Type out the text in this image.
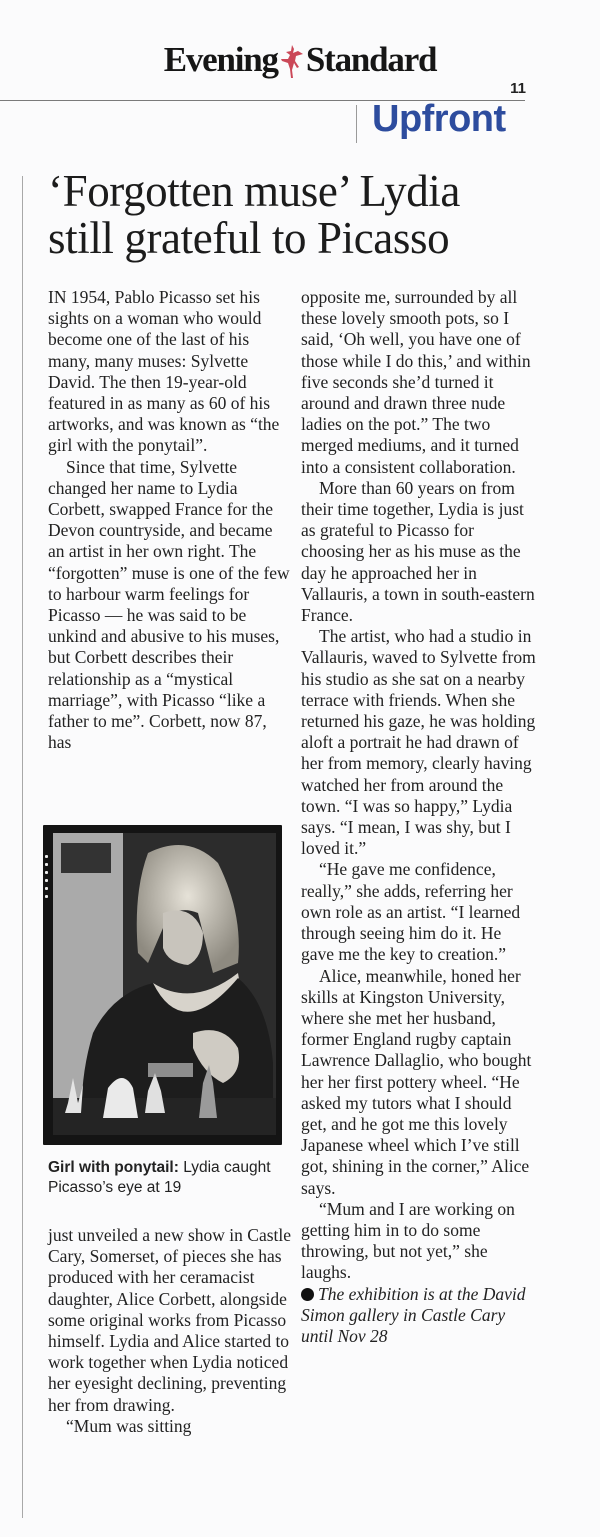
Evening Standard
11
Upfront
‘Forgotten muse’ Lydia
still grateful to Picasso

IN 1954, Pablo Picasso set his sights on a woman who would become one of the last of his many, many muses: Sylvette David. The then 19-year-old featured in as many as 60 of his artworks, and was known as “the girl with the ponytail”.

Since that time, Sylvette changed her name to Lydia Corbett, swapped France for the Devon countryside, and became an artist in her own right. The “forgotten” muse is one of the few to harbour warm feelings for Picasso — he was said to be unkind and abusive to his muses, but Corbett describes their relationship as a “mystical marriage”, with Picasso “like a father to me”. Corbett, now 87, has

Girl with ponytail: Lydia caught Picasso’s eye at 19

just unveiled a new show in Castle Cary, Somerset, of pieces she has produced with her ceramacist daughter, Alice Corbett, alongside some original works from Picasso himself. Lydia and Alice started to work together when Lydia noticed her eyesight declining, preventing her from drawing.

“Mum was sitting

opposite me, surrounded by all these lovely smooth pots, so I said, ‘Oh well, you have one of those while I do this,’ and within five seconds she’d turned it around and drawn three nude ladies on the pot.” The two merged mediums, and it turned into a consistent collaboration.

More than 60 years on from their time together, Lydia is just as grateful to Picasso for choosing her as his muse as the day he approached her in Vallauris, a town in south-eastern France.

The artist, who had a studio in Vallauris, waved to Sylvette from his studio as she sat on a nearby terrace with friends. When she returned his gaze, he was holding aloft a portrait he had drawn of her from memory, clearly having watched her from around the town. “I was so happy,” Lydia says. “I mean, I was shy, but I loved it.”

“He gave me confidence, really,” she adds, referring her own role as an artist. “I learned through seeing him do it. He gave me the key to creation.”

Alice, meanwhile, honed her skills at Kingston University, where she met her husband, former England rugby captain Lawrence Dallaglio, who bought her her first pottery wheel. “He asked my tutors what I should get, and he got me this lovely Japanese wheel which I’ve still got, shining in the corner,” Alice says.

“Mum and I are working on getting him in to do some throwing, but not yet,” she laughs.

The exhibition is at the David Simon gallery in Castle Cary until Nov 28
